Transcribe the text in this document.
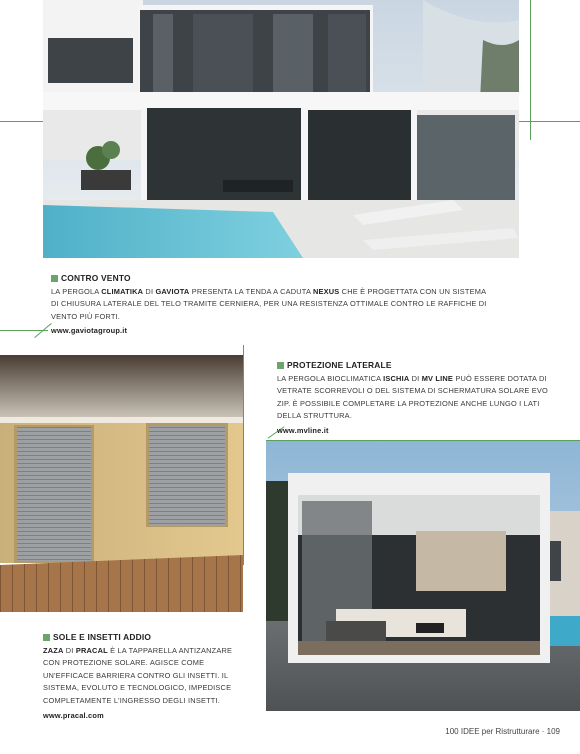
CONTRO VENTO
LA PERGOLA CLIMATIKA DI GAVIOTA PRESENTA LA TENDA A CADUTA NEXUS CHE È PROGETTATA CON UN SISTEMA DI CHIUSURA LATERALE DEL TELO TRAMITE CERNIERA, PER UNA RESISTENZA OTTIMALE CONTRO LE RAFFICHE DI VENTO PIÙ FORTI.
www.gaviotagroup.it
PROTEZIONE LATERALE
LA PERGOLA BIOCLIMATICA ISCHIA DI MV LINE PUÒ ESSERE DOTATA DI VETRATE SCORREVOLI O DEL SISTEMA DI SCHERMATURA SOLARE EVO ZIP. È POSSIBILE COMPLETARE LA PROTEZIONE ANCHE LUNGO I LATI DELLA STRUTTURA.
www.mvline.it
SOLE E INSETTI ADDIO
ZAZA DI PRACAL È LA TAPPARELLA ANTIZANZARE CON PROTEZIONE SOLARE. AGISCE COME UN'EFFICACE BARRIERA CONTRO GLI INSETTI. IL SISTEMA, EVOLUTO E TECNOLOGICO, IMPEDISCE COMPLETAMENTE L'INGRESSO DEGLI INSETTI.
www.pracal.com
100 IDEE per Ristrutturare · 109
